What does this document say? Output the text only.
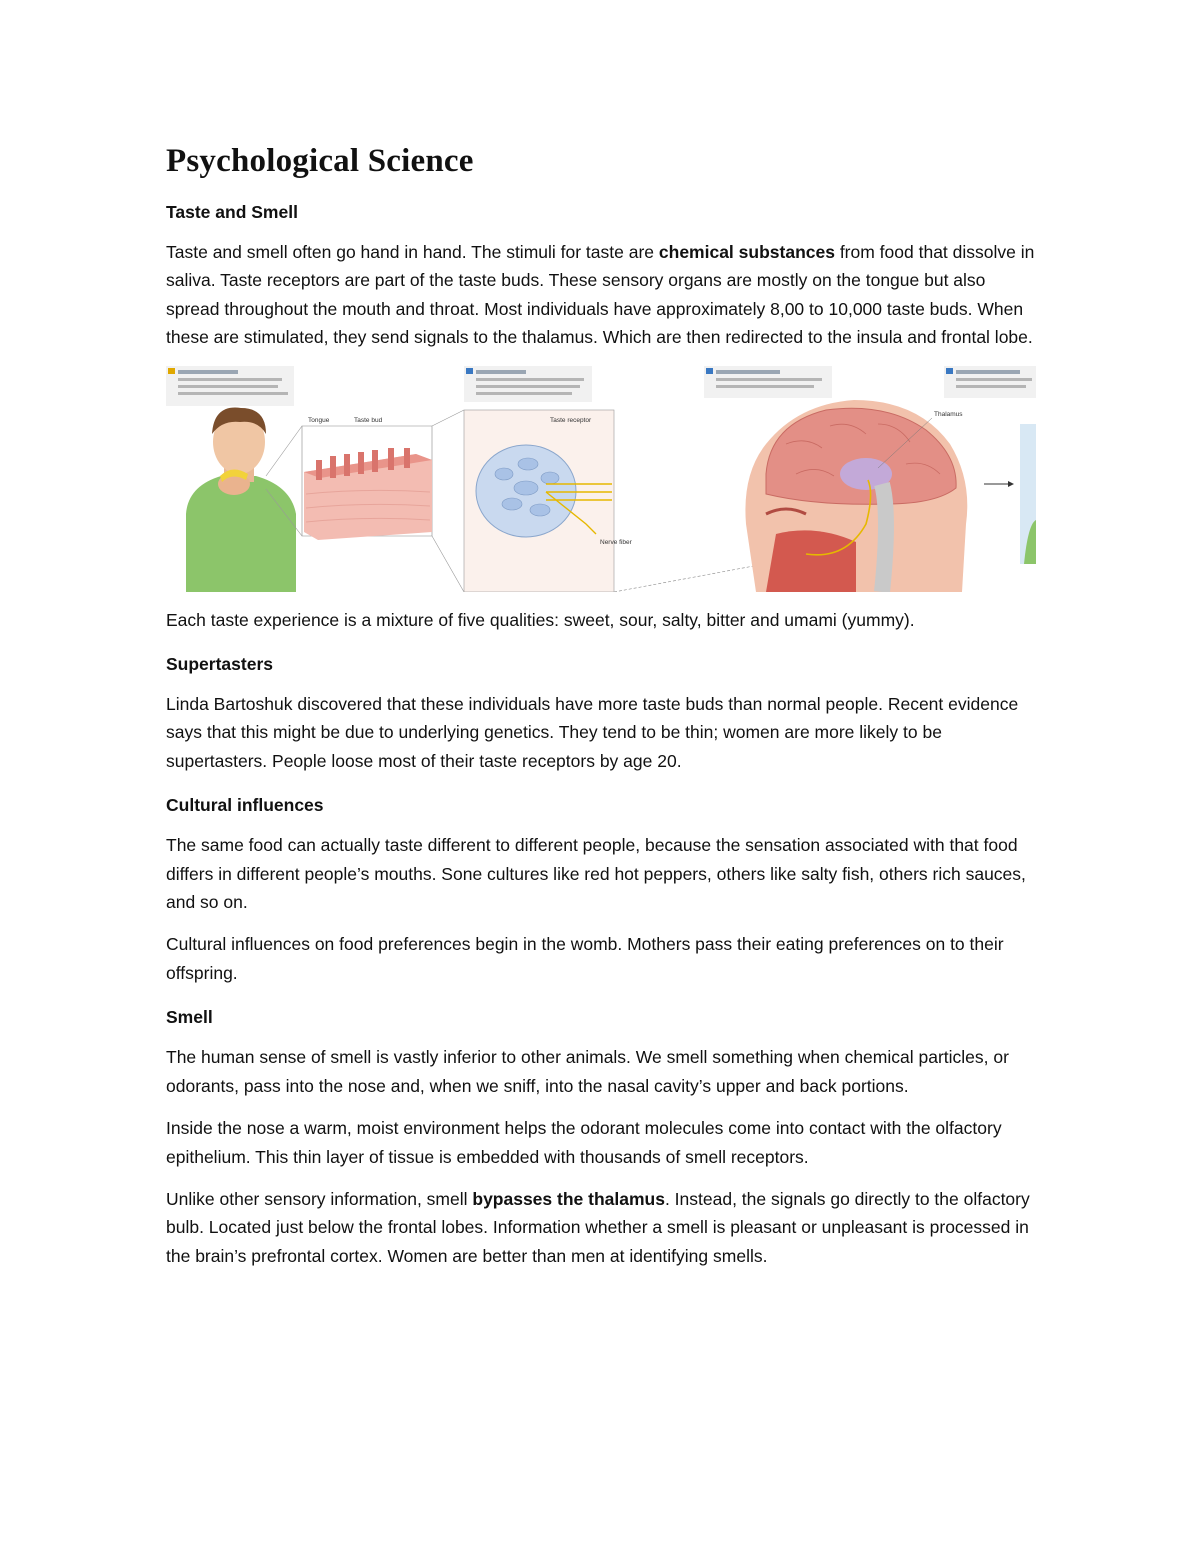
Psychological Science
Taste and Smell

Taste and smell often go hand in hand. The stimuli for taste are chemical substances from food that dissolve in saliva. Taste receptors are part of the taste buds. These sensory organs are mostly on the tongue but also spread throughout the mouth and throat. Most individuals have approximately 8,00 to 10,000 taste buds. When these are stimulated, they send signals to the thalamus. Which are then redirected to the insula and frontal lobe.

Tongue	Taste bud	Taste receptor
Nerve fiber
Thalamus

Each taste experience is a mixture of five qualities: sweet, sour, salty, bitter and umami (yummy).

Supertasters

Linda Bartoshuk discovered that these individuals have more taste buds than normal people. Recent evidence says that this might be due to underlying genetics. They tend to be thin; women are more likely to be supertasters. People loose most of their taste receptors by age 20.

Cultural influences

The same food can actually taste different to different people, because the sensation associated with that food differs in different people’s mouths. Sone cultures like red hot peppers, others like salty fish, others rich sauces, and so on.

Cultural influences on food preferences begin in the womb. Mothers pass their eating preferences on to their offspring.

Smell

The human sense of smell is vastly inferior to other animals. We smell something when chemical particles, or odorants, pass into the nose and, when we sniff, into the nasal cavity’s upper and back portions.

Inside the nose a warm, moist environment helps the odorant molecules come into contact with the olfactory epithelium. This thin layer of tissue is embedded with thousands of smell receptors.

Unlike other sensory information, smell bypasses the thalamus. Instead, the signals go directly to the olfactory bulb. Located just below the frontal lobes. Information whether a smell is pleasant or unpleasant is processed in the brain’s prefrontal cortex. Women are better than men at identifying smells.
